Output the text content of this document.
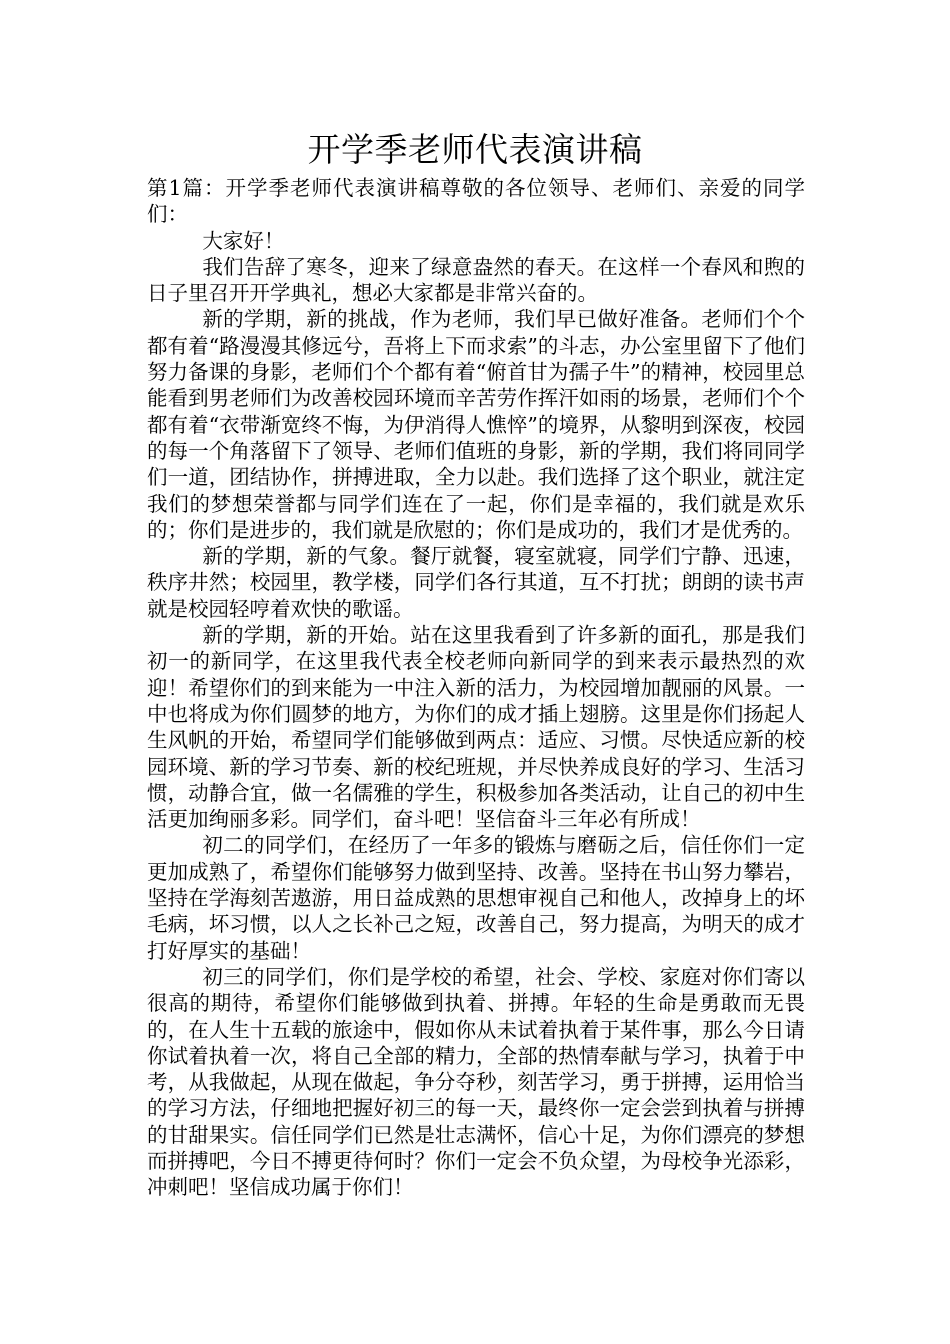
开学季老师代表演讲稿

第1篇：开学季老师代表演讲稿尊敬的各位领导、老师们、亲爱的同学们：

大家好！

我们告辞了寒冬，迎来了绿意盎然的春天。在这样一个春风和煦的日子里召开开学典礼，想必大家都是非常兴奋的。

新的学期，新的挑战，作为老师，我们早已做好准备。老师们个个都有着“路漫漫其修远兮，吾将上下而求索”的斗志，办公室里留下了他们努力备课的身影，老师们个个都有着“俯首甘为孺子牛”的精神，校园里总能看到男老师们为改善校园环境而辛苦劳作挥汗如雨的场景，老师们个个都有着“衣带渐宽终不悔，为伊消得人憔悴”的境界，从黎明到深夜，校园的每一个角落留下了领导、老师们值班的身影，新的学期，我们将同同学们一道，团结协作，拼搏进取，全力以赴。我们选择了这个职业，就注定我们的梦想荣誉都与同学们连在了一起，你们是幸福的，我们就是欢乐的；你们是进步的，我们就是欣慰的；你们是成功的，我们才是优秀的。

新的学期，新的气象。餐厅就餐，寝室就寝，同学们宁静、迅速，秩序井然；校园里，教学楼，同学们各行其道，互不打扰；朗朗的读书声就是校园轻哼着欢快的歌谣。

新的学期，新的开始。站在这里我看到了许多新的面孔，那是我们初一的新同学，在这里我代表全校老师向新同学的到来表示最热烈的欢迎！希望你们的到来能为一中注入新的活力，为校园增加靓丽的风景。一中也将成为你们圆梦的地方，为你们的成才插上翅膀。这里是你们扬起人生风帆的开始，希望同学们能够做到两点：适应、习惯。尽快适应新的校园环境、新的学习节奏、新的校纪班规，并尽快养成良好的学习、生活习惯，动静合宜，做一名儒雅的学生，积极参加各类活动，让自己的初中生活更加绚丽多彩。同学们，奋斗吧！坚信奋斗三年必有所成！

初二的同学们，在经历了一年多的锻炼与磨砺之后，信任你们一定更加成熟了，希望你们能够努力做到坚持、改善。坚持在书山努力攀岩，坚持在学海刻苦遨游，用日益成熟的思想审视自己和他人，改掉身上的坏毛病，坏习惯，以人之长补己之短，改善自己，努力提高，为明天的成才打好厚实的基础！

初三的同学们，你们是学校的希望，社会、学校、家庭对你们寄以很高的期待，希望你们能够做到执着、拼搏。年轻的生命是勇敢而无畏的，在人生十五载的旅途中，假如你从未试着执着于某件事，那么今日请你试着执着一次，将自己全部的精力，全部的热情奉献与学习，执着于中考，从我做起，从现在做起，争分夺秒，刻苦学习，勇于拼搏，运用恰当的学习方法，仔细地把握好初三的每一天，最终你一定会尝到执着与拼搏的甘甜果实。信任同学们已然是壮志满怀，信心十足，为你们漂亮的梦想而拼搏吧，今日不搏更待何时？你们一定会不负众望，为母校争光添彩，冲刺吧！坚信成功属于你们！
